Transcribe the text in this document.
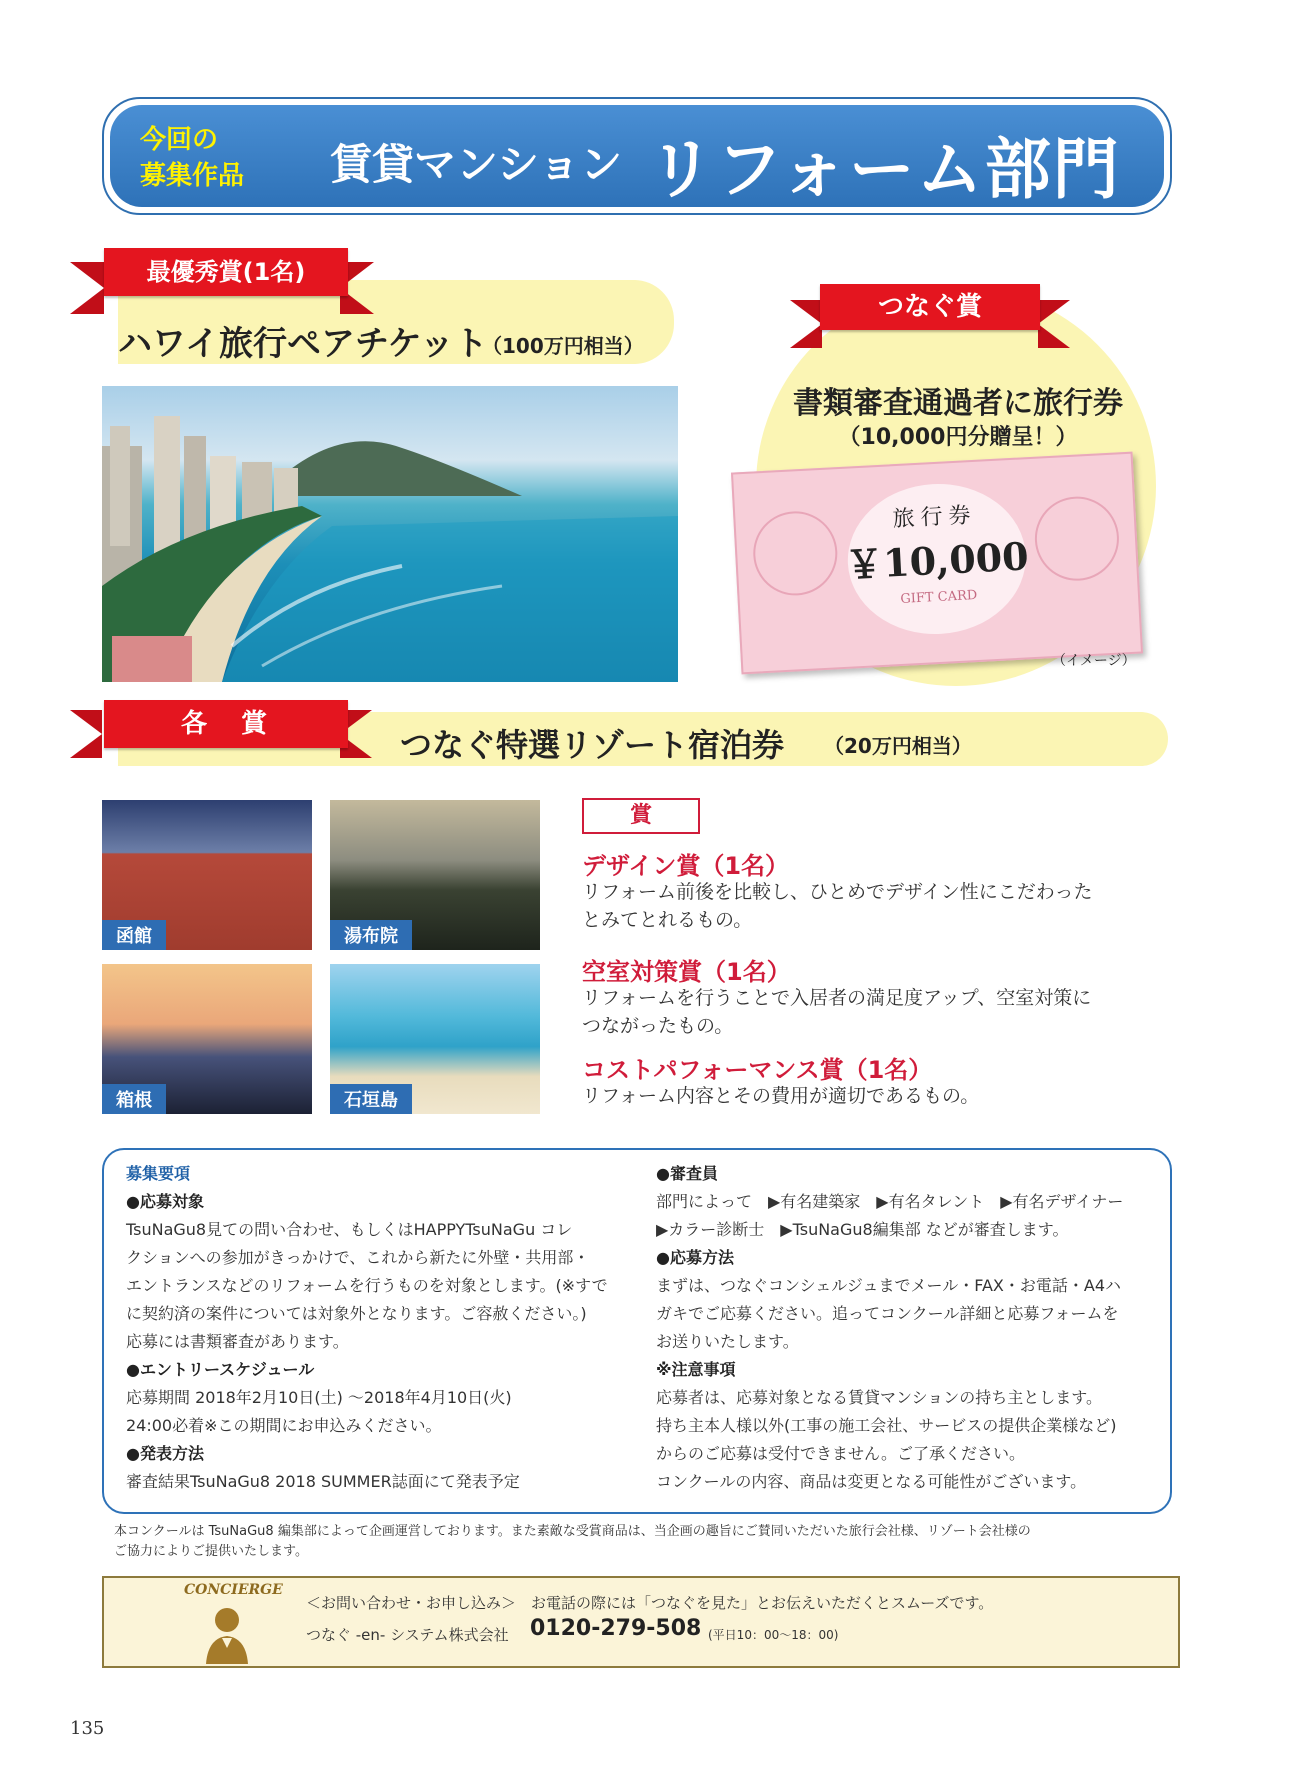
今回の
募集作品 賃貸マンション リフォーム部門
最優秀賞(1名)
ハワイ旅行ペアチケット
（100万円相当）
つなぐ賞
書類審査通過者に旅行券
（10,000円分贈呈！）
旅行券
￥10,000
GIFT CARD
（イメージ）
各　賞
つなぐ特選リゾート宿泊券 （20万円相当）
函館	湯布院
箱根	石垣島
賞
デザイン賞（1名）
リフォーム前後を比較し、ひとめでデザイン性にこだわった
とみてとれるもの。
空室対策賞（1名）
リフォームを行うことで入居者の満足度アップ、空室対策に
つながったもの。
コストパフォーマンス賞（1名）
リフォーム内容とその費用が適切であるもの。
募集要項
●応募対象
TsuNaGu8見ての問い合わせ、もしくはHAPPYTsuNaGu コレ
クションへの参加がきっかけで、これから新たに外壁・共用部・
エントランスなどのリフォームを行うものを対象とします。(※すで
に契約済の案件については対象外となります。ご容赦ください。)
応募には書類審査があります。
●エントリースケジュール
応募期間 2018年2月10日(土) ～2018年4月10日(火)
24:00必着※この期間にお申込みください。
●発表方法
審査結果TsuNaGu8 2018 SUMMER誌面にて発表予定
●審査員
部門によって　▶有名建築家　▶有名タレント　▶有名デザイナー
▶カラー診断士　▶TsuNaGu8編集部 などが審査します。
●応募方法
まずは、つなぐコンシェルジュまでメール・FAX・お電話・A4ハ
ガキでご応募ください。追ってコンクール詳細と応募フォームを
お送りいたします。
※注意事項
応募者は、応募対象となる賃貸マンションの持ち主とします。
持ち主本人様以外(工事の施工会社、サービスの提供企業様など)
からのご応募は受付できません。ご了承ください。
コンクールの内容、商品は変更となる可能性がございます。
本コンクールは TsuNaGu8 編集部によって企画運営しております。また素敵な受賞商品は、当企画の趣旨にご賛同いただいた旅行会社様、リゾート会社様の
ご協力によりご提供いたします。
CONCIERGE
＜お問い合わせ・お申し込み＞　お電話の際には「つなぐを見た」とお伝えいただくとスムーズです。
つなぐ -en- システム株式会社 0120-279-508 (平日10：00～18：00)
135
